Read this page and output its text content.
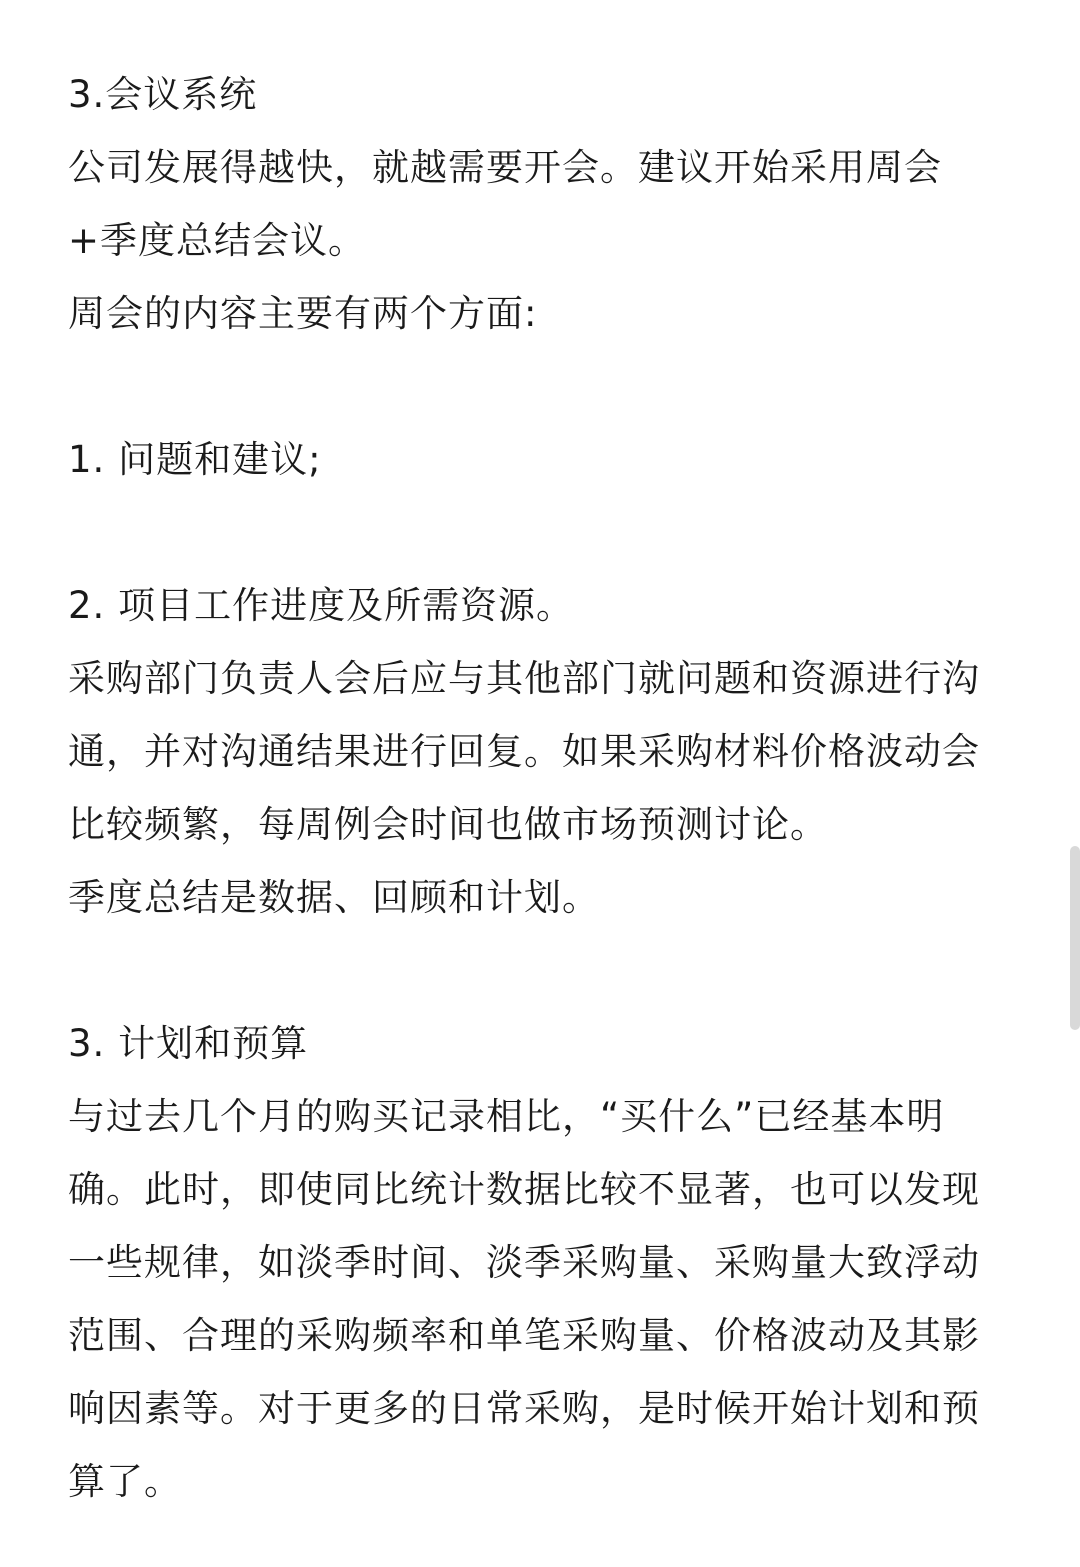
3.会议系统
公司发展得越快，就越需要开会。建议开始采用周会
+季度总结会议。
周会的内容主要有两个方面:
1. 问题和建议;
2. 项目工作进度及所需资源。
采购部门负责人会后应与其他部门就问题和资源进行沟
通，并对沟通结果进行回复。如果采购材料价格波动会
比较频繁，每周例会时间也做市场预测讨论。
季度总结是数据、回顾和计划。
3. 计划和预算
与过去几个月的购买记录相比，“买什么”已经基本明
确。此时，即使同比统计数据比较不显著，也可以发现
一些规律，如淡季时间、淡季采购量、采购量大致浮动
范围、合理的采购频率和单笔采购量、价格波动及其影
响因素等。对于更多的日常采购，是时候开始计划和预
算了。
